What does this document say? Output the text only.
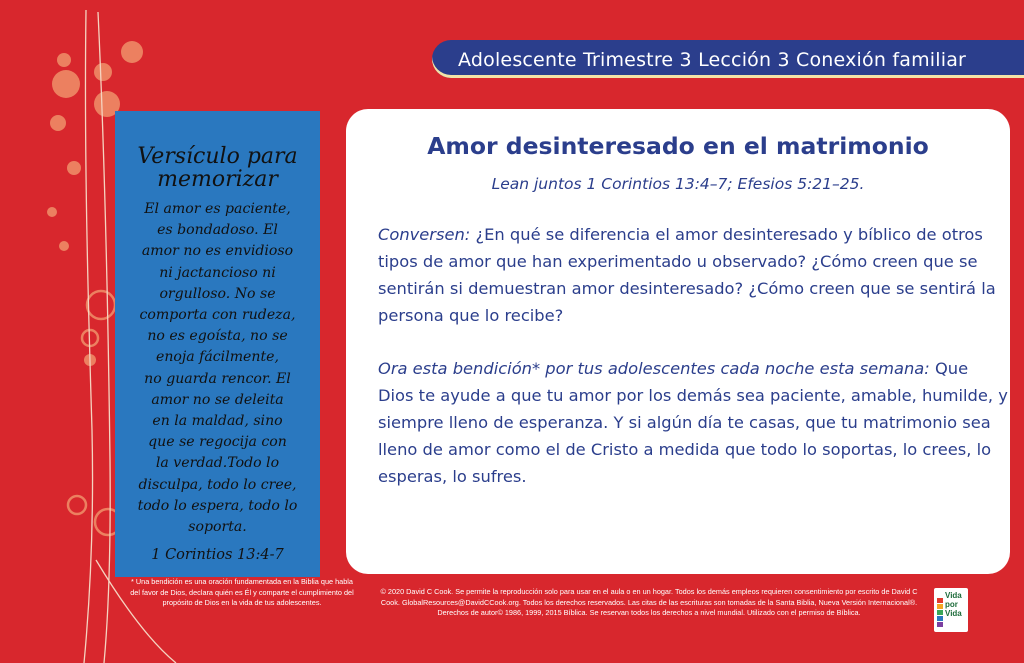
Adolescente Trimestre 3 Lección 3 Conexión familiar
Versículo para
memorizar
El amor es paciente,
es bondadoso. El
amor no es envidioso
ni jactancioso ni
orgulloso. No se
comporta con rudeza,
no es egoísta, no se
enoja fácilmente,
no guarda rencor. El
amor no se deleita
en la maldad, sino
que se regocija con
la verdad.Todo lo
disculpa, todo lo cree,
todo lo espera, todo lo
soporta.
1 Corintios 13:4-7
* Una bendición es una oración fundamentada en la Biblia que habla del favor de Dios, declara quién es Él y comparte el cumplimiento del propósito de Dios en la vida de tus adolescentes.
Amor desinteresado en el matrimonio
Lean juntos 1 Corintios 13:4–7; Efesios 5:21–25.
Conversen: ¿En qué se diferencia el amor desinteresado y bíblico de otros tipos de amor que han experimentado u observado? ¿Cómo creen que se sentirán si demuestran amor desinteresado? ¿Cómo creen que se sentirá la persona que lo recibe?
Ora esta bendición* por tus adolescentes cada noche esta semana: Que Dios te ayude a que tu amor por los demás sea paciente, amable, humilde, y siempre lleno de esperanza. Y si algún día te casas, que tu matrimonio sea lleno de amor como el de Cristo a medida que todo lo soportas, lo crees, lo esperas, lo sufres.
© 2020 David C Cook. Se permite la reproducción solo para usar en el aula o en un hogar. Todos los demás empleos requieren consentimiento por escrito de David C Cook. GlobalResources@DavidCCook.org. Todos los derechos reservados. Las citas de las escrituras son tomadas de la Santa Biblia, Nueva Versión Internacional®. Derechos de autor© 1986, 1999, 2015 Bíblica. Se reservan todos los derechos a nivel mundial. Utilizado con el permiso de Bíblica.
Vida
por
Vida
